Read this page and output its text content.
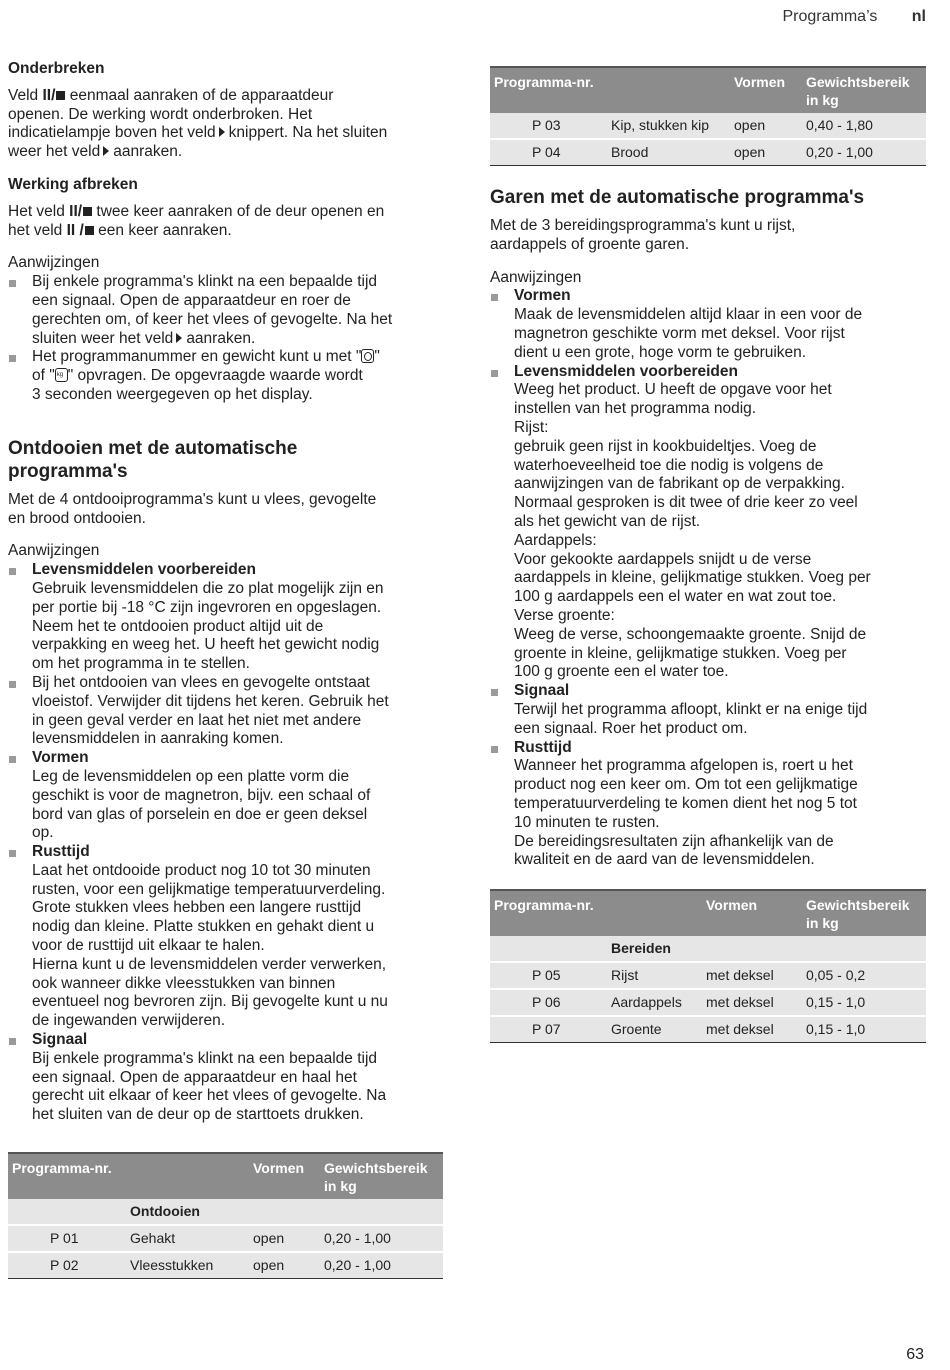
Programma’s nl
Onderbreken
Veld II/ eenmaal aanraken of de apparaatdeur
openen. De werking wordt onderbroken. Het
indicatielampje boven het veld knippert. Na het sluiten
weer het veld aanraken.
Werking afbreken
Het veld II/ twee keer aanraken of de deur openen en
het veld II / een keer aanraken.
Aanwijzingen
Bij enkele programma's klinkt na een bepaalde tijd
een signaal. Open de apparaatdeur en roer de
gerechten om, of keer het vlees of gevogelte. Na het
sluiten weer het veld aanraken.
Het programmanummer en gewicht kunt u met " "
of " kg " opvragen. De opgevraagde waarde wordt
3 seconden weergegeven op het display.
Ontdooien met de automatische
programma's
Met de 4 ontdooiprogramma's kunt u vlees, gevogelte
en brood ontdooien.
Aanwijzingen
Levensmiddelen voorbereiden
Gebruik levensmiddelen die zo plat mogelijk zijn en
per portie bij -18 °C zijn ingevroren en opgeslagen.
Neem het te ontdooien product altijd uit de
verpakking en weeg het. U heeft het gewicht nodig
om het programma in te stellen.
Bij het ontdooien van vlees en gevogelte ontstaat
vloeistof. Verwijder dit tijdens het keren. Gebruik het
in geen geval verder en laat het niet met andere
levensmiddelen in aanraking komen.
Vormen
Leg de levensmiddelen op een platte vorm die
geschikt is voor de magnetron, bijv. een schaal of
bord van glas of porselein en doe er geen deksel
op.
Rusttijd
Laat het ontdooide product nog 10 tot 30 minuten
rusten, voor een gelijkmatige temperatuurverdeling.
Grote stukken vlees hebben een langere rusttijd
nodig dan kleine. Platte stukken en gehakt dient u
voor de rusttijd uit elkaar te halen.
Hierna kunt u de levensmiddelen verder verwerken,
ook wanneer dikke vleesstukken van binnen
eventueel nog bevroren zijn. Bij gevogelte kunt u nu
de ingewanden verwijderen.
Signaal
Bij enkele programma's klinkt na een bepaalde tijd
een signaal. Open de apparaatdeur en haal het
gerecht uit elkaar of keer het vlees of gevogelte. Na
het sluiten van de deur op de starttoets drukken.
Programma-nr.		Vormen	Gewichtsbereik
in kg
	Ontdooien		
P 01	Gehakt	open	0,20 - 1,00
P 02	Vleesstukken	open	0,20 - 1,00
Programma-nr.		Vormen	Gewichtsbereik
in kg
P 03	Kip, stukken kip	open	0,40 - 1,80
P 04	Brood	open	0,20 - 1,00
Garen met de automatische programma's
Met de 3 bereidingsprogramma's kunt u rijst,
aardappels of groente garen.
Aanwijzingen
Vormen
Maak de levensmiddelen altijd klaar in een voor de
magnetron geschikte vorm met deksel. Voor rijst
dient u een grote, hoge vorm te gebruiken.
Levensmiddelen voorbereiden
Weeg het product. U heeft de opgave voor het
instellen van het programma nodig.
Rijst:
gebruik geen rijst in kookbuideltjes. Voeg de
waterhoeveelheid toe die nodig is volgens de
aanwijzingen van de fabrikant op de verpakking.
Normaal gesproken is dit twee of drie keer zo veel
als het gewicht van de rijst.
Aardappels:
Voor gekookte aardappels snijdt u de verse
aardappels in kleine, gelijkmatige stukken. Voeg per
100 g aardappels een el water en wat zout toe.
Verse groente:
Weeg de verse, schoongemaakte groente. Snijd de
groente in kleine, gelijkmatige stukken. Voeg per
100 g groente een el water toe.
Signaal
Terwijl het programma afloopt, klinkt er na enige tijd
een signaal. Roer het product om.
Rusttijd
Wanneer het programma afgelopen is, roert u het
product nog een keer om. Om tot een gelijkmatige
temperatuurverdeling te komen dient het nog 5 tot
10 minuten te rusten.
De bereidingsresultaten zijn afhankelijk van de
kwaliteit en de aard van de levensmiddelen.
Programma-nr.		Vormen	Gewichtsbereik
in kg
	Bereiden		
P 05	Rijst	met deksel	0,05 - 0,2
P 06	Aardappels	met deksel	0,15 - 1,0
P 07	Groente	met deksel	0,15 - 1,0
63
